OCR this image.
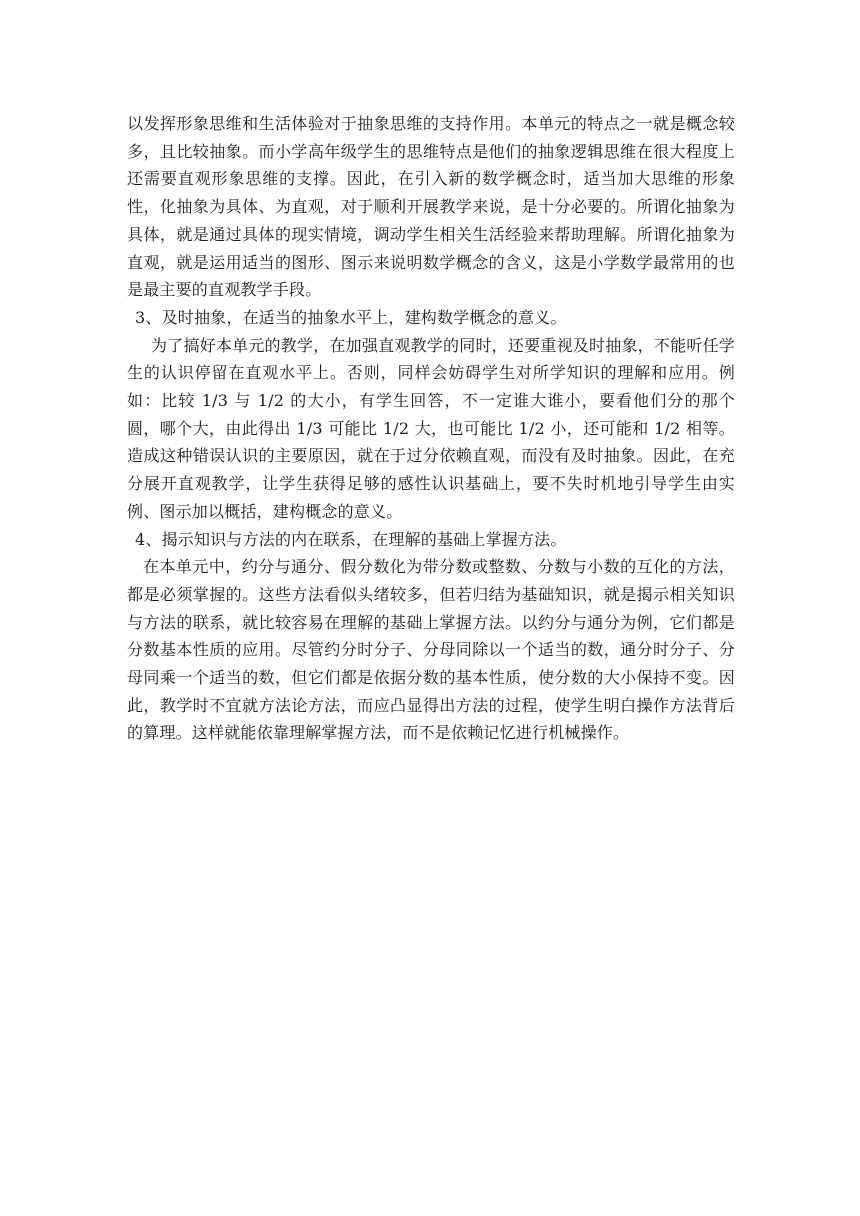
以发挥形象思维和生活体验对于抽象思维的支持作用。本单元的特点之一就是概念较多，且比较抽象。而小学高年级学生的思维特点是他们的抽象逻辑思维在很大程度上还需要直观形象思维的支撑。因此，在引入新的数学概念时，适当加大思维的形象性，化抽象为具体、为直观，对于顺利开展教学来说，是十分必要的。所谓化抽象为具体，就是通过具体的现实情境，调动学生相关生活经验来帮助理解。所谓化抽象为直观，就是运用适当的图形、图示来说明数学概念的含义，这是小学数学最常用的也是最主要的直观教学手段。

3、及时抽象，在适当的抽象水平上，建构数学概念的意义。

为了搞好本单元的教学，在加强直观教学的同时，还要重视及时抽象，不能听任学生的认识停留在直观水平上。否则，同样会妨碍学生对所学知识的理解和应用。例如：比较 1/3 与 1/2 的大小，有学生回答，不一定谁大谁小，要看他们分的那个圆，哪个大，由此得出 1/3 可能比 1/2 大，也可能比 1/2 小，还可能和 1/2 相等。造成这种错误认识的主要原因，就在于过分依赖直观，而没有及时抽象。因此，在充分展开直观教学，让学生获得足够的感性认识基础上，要不失时机地引导学生由实例、图示加以概括，建构概念的意义。

4、揭示知识与方法的内在联系，在理解的基础上掌握方法。

在本单元中，约分与通分、假分数化为带分数或整数、分数与小数的互化的方法，都是必须掌握的。这些方法看似头绪较多，但若归结为基础知识，就是揭示相关知识与方法的联系，就比较容易在理解的基础上掌握方法。以约分与通分为例，它们都是分数基本性质的应用。尽管约分时分子、分母同除以一个适当的数，通分时分子、分母同乘一个适当的数，但它们都是依据分数的基本性质，使分数的大小保持不变。因此，教学时不宜就方法论方法，而应凸显得出方法的过程，使学生明白操作方法背后的算理。这样就能依靠理解掌握方法，而不是依赖记忆进行机械操作。
